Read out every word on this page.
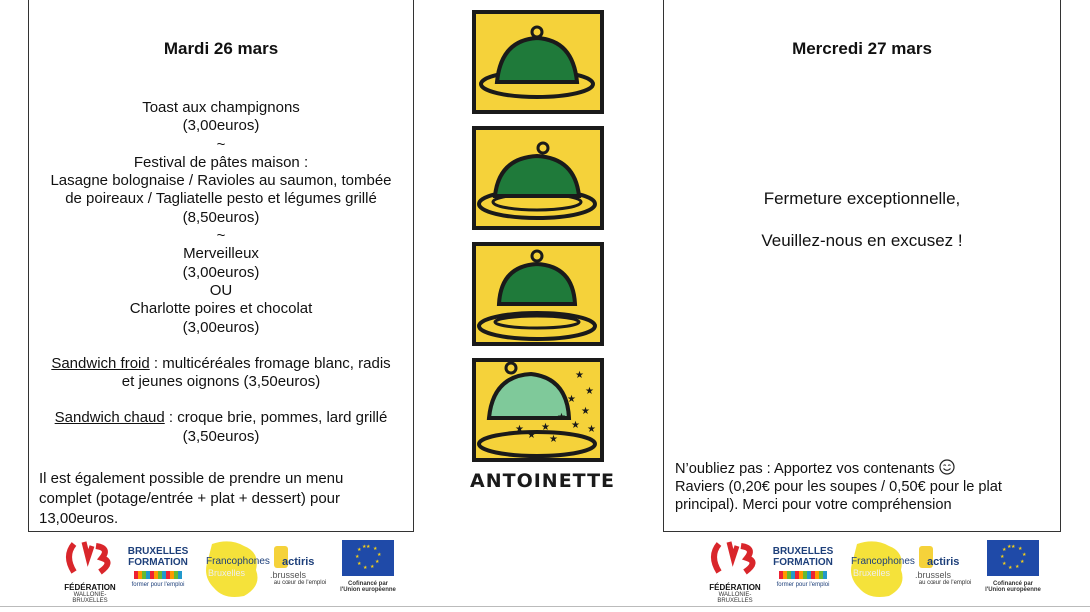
Mardi 26 mars
Toast aux champignons
(3,00euros)
~
Festival de pâtes maison :
Lasagne bolognaise / Ravioles au saumon, tombée
de poireaux / Tagliatelle pesto et légumes grillé
(8,50euros)
~
Merveilleux
(3,00euros)
OU
Charlotte poires et chocolat
(3,00euros)
Sandwich froid : multicéréales fromage blanc, radis
et jeunes oignons (3,50euros)
Sandwich chaud : croque brie, pommes, lard grillé
(3,50euros)
Il est également possible de prendre un menu complet (potage/entrée + plat + dessert) pour 13,00euros.
★
★
★
★
★
★
★
★ ★
★	★
ANTOINETTE
Mercredi 27 mars
Fermeture exceptionnelle,
Veuillez-nous en excusez !
N’oubliez pas : Apportez vos contenants
Raviers (0,20€ pour les soupes / 0,50€ pour le plat principal). Merci pour votre compréhension
FÉDÉRATION
WALLONIE-BRUXELLES
BRUXELLES
FORMATION
former pour l'emploi
Francophones
Bruxelles
actiris
.brussels
au cœur de l'emploi
★ ★
★
★
★
★
★
★
★ ★
Cofinancé par
l'Union européenne	FÉDÉRATION
WALLONIE-BRUXELLES
BRUXELLES
FORMATION
former pour l'emploi
Francophones
Bruxelles
actiris
.brussels
au cœur de l'emploi
★ ★
★
★
★
★
★
★
★ ★
Cofinancé par
l'Union européenne
